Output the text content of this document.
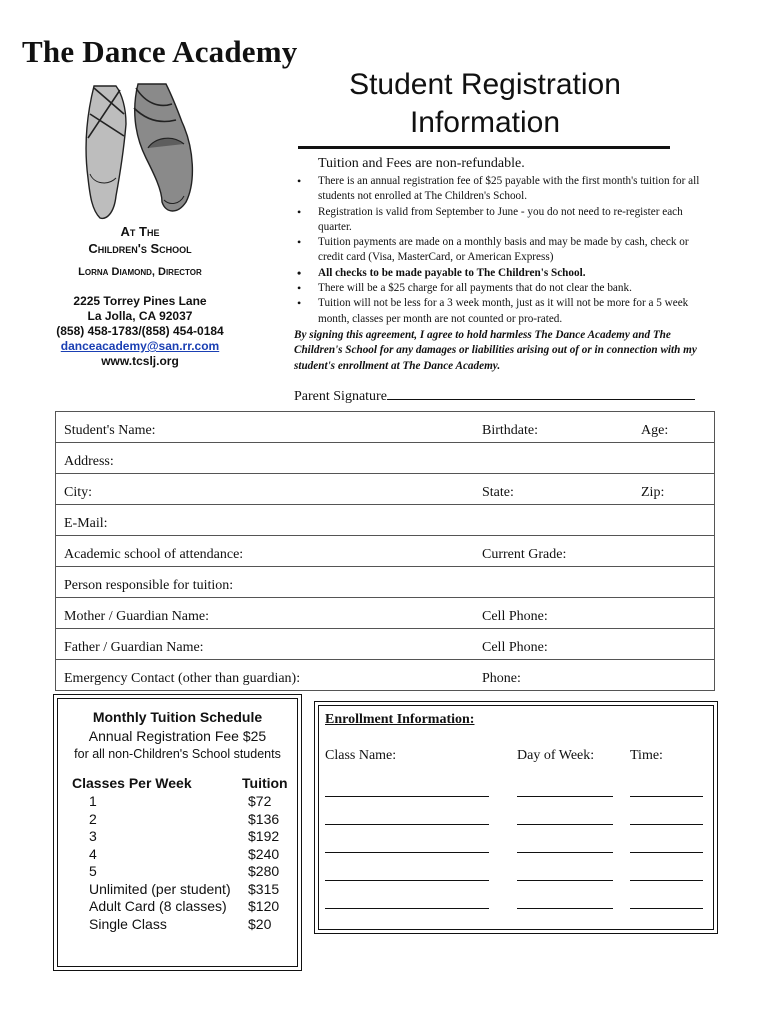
The Dance Academy
Student Registration
Information
At The
Children's School
Lorna Diamond, Director
2225 Torrey Pines Lane
La Jolla, CA 92037
(858) 458-1783/(858) 454-0184
danceacademy@san.rr.com
www.tcslj.org
Tuition and Fees are non-refundable.
• There is an annual registration fee of $25 payable with the first month's tuition for all students not enrolled at The Children's School.
• Registration is valid from September to June - you do not need to re-register each quarter.
• Tuition payments are made on a monthly basis and may be made by cash, check or credit card (Visa, MasterCard, or American Express)
• All checks to be made payable to The Children's School.
• There will be a $25 charge for all payments that do not clear the bank.
• Tuition will not be less for a 3 week month, just as it will not be more for a 5 week month, classes per month are not counted or pro-rated.
By signing this agreement, I agree to hold harmless The Dance Academy and The Children's School for any damages or liabilities arising out of or in connection with my student's enrollment at The Dance Academy.
Parent Signature
Student's Name:	Birthdate:	Age:
Address:
City:	State:	Zip:
E-Mail:
Academic school of attendance:	Current Grade:
Person responsible for tuition:
Mother / Guardian Name:	Cell Phone:
Father / Guardian Name:	Cell Phone:
Emergency Contact (other than guardian):	Phone:
Monthly Tuition Schedule
Annual Registration Fee $25
for all non-Children's School students
Classes Per Week	Tuition
1	$72
2	$136
3	$192
4	$240
5	$280
Unlimited (per student) $315
Adult Card (8 classes) $120
Single Class	$20
Enrollment Information:
Class Name:	Day of Week:	Time:
